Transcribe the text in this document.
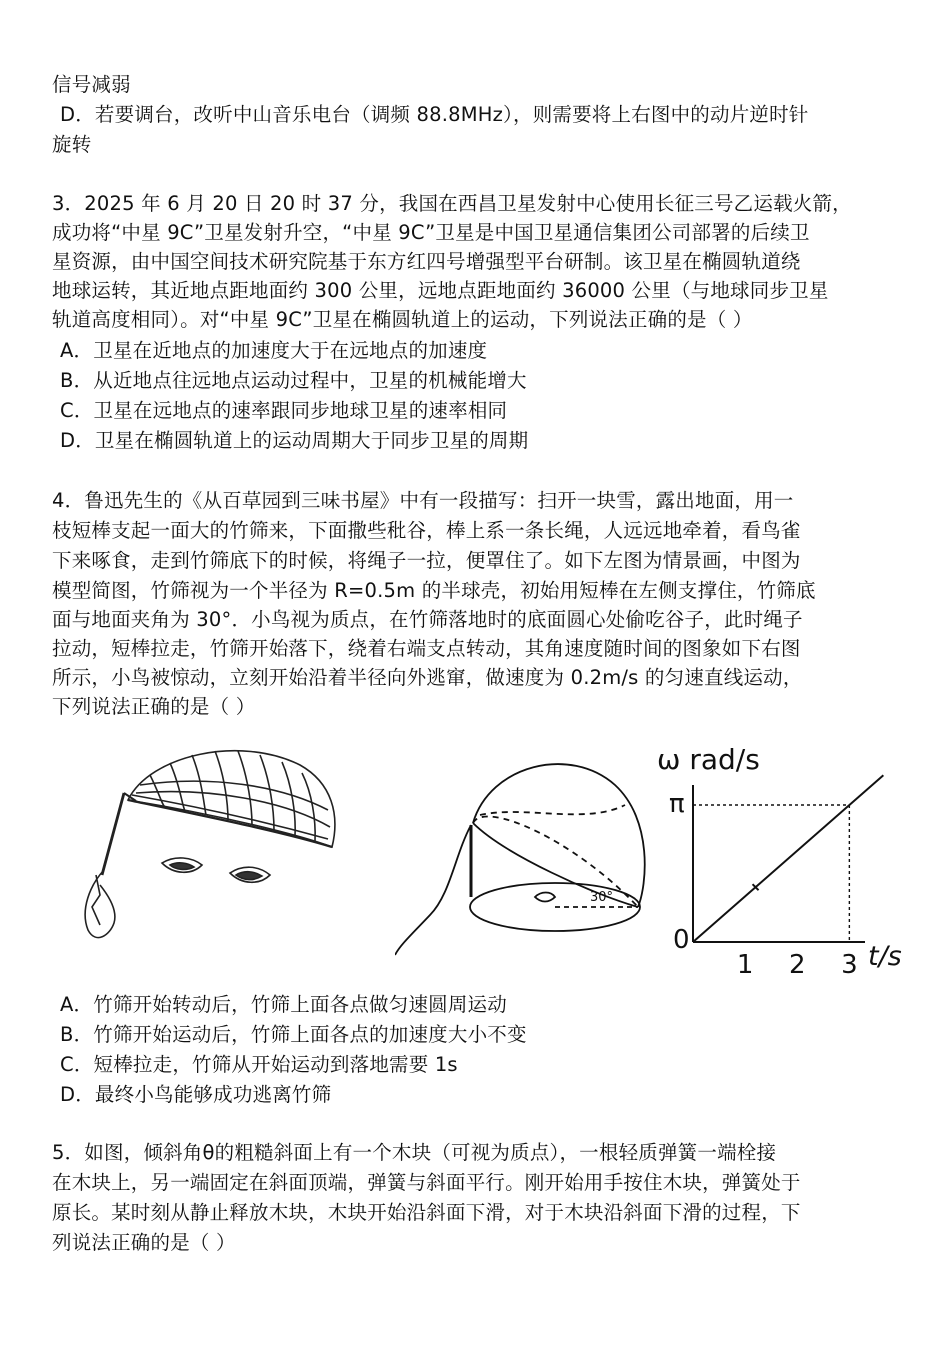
信号减弱
D．若要调台，改听中山音乐电台（调频 88.8MHz），则需要将上右图中的动片逆时针
旋转
3．2025 年 6 月 20 日 20 时 37 分，我国在西昌卫星发射中心使用长征三号乙运载火箭，
成功将“中星 9C”卫星发射升空，“中星 9C”卫星是中国卫星通信集团公司部署的后续卫
星资源，由中国空间技术研究院基于东方红四号增强型平台研制。该卫星在椭圆轨道绕
地球运转，其近地点距地面约 300 公里，远地点距地面约 36000 公里（与地球同步卫星
轨道高度相同）。对“中星 9C”卫星在椭圆轨道上的运动，下列说法正确的是（ ）
A．卫星在近地点的加速度大于在远地点的加速度
B．从近地点往远地点运动过程中，卫星的机械能增大
C．卫星在远地点的速率跟同步地球卫星的速率相同
D．卫星在椭圆轨道上的运动周期大于同步卫星的周期
4．鲁迅先生的《从百草园到三味书屋》中有一段描写：扫开一块雪，露出地面，用一
枝短棒支起一面大的竹筛来，下面撒些秕谷，棒上系一条长绳，人远远地牵着，看鸟雀
下来啄食，走到竹筛底下的时候，将绳子一拉，便罩住了。如下左图为情景画，中图为
模型简图，竹筛视为一个半径为 R=0.5m 的半球壳，初始用短棒在左侧支撑住，竹筛底
面与地面夹角为 30°．小鸟视为质点，在竹筛落地时的底面圆心处偷吃谷子，此时绳子
拉动，短棒拉走，竹筛开始落下，绕着右端支点转动，其角速度随时间的图象如下右图
所示，小鸟被惊动，立刻开始沿着半径向外逃窜，做速度为 0.2m/s 的匀速直线运动，
下列说法正确的是（ ）
30°
ω rad/s
t/s
0
π
1 2 3
A．竹筛开始转动后，竹筛上面各点做匀速圆周运动
B．竹筛开始运动后，竹筛上面各点的加速度大小不变
C．短棒拉走，竹筛从开始运动到落地需要 1s
D．最终小鸟能够成功逃离竹筛
5．如图，倾斜角θ的粗糙斜面上有一个木块（可视为质点），一根轻质弹簧一端栓接
在木块上，另一端固定在斜面顶端，弹簧与斜面平行。刚开始用手按住木块，弹簧处于
原长。某时刻从静止释放木块，木块开始沿斜面下滑，对于木块沿斜面下滑的过程，下
列说法正确的是（ ）
